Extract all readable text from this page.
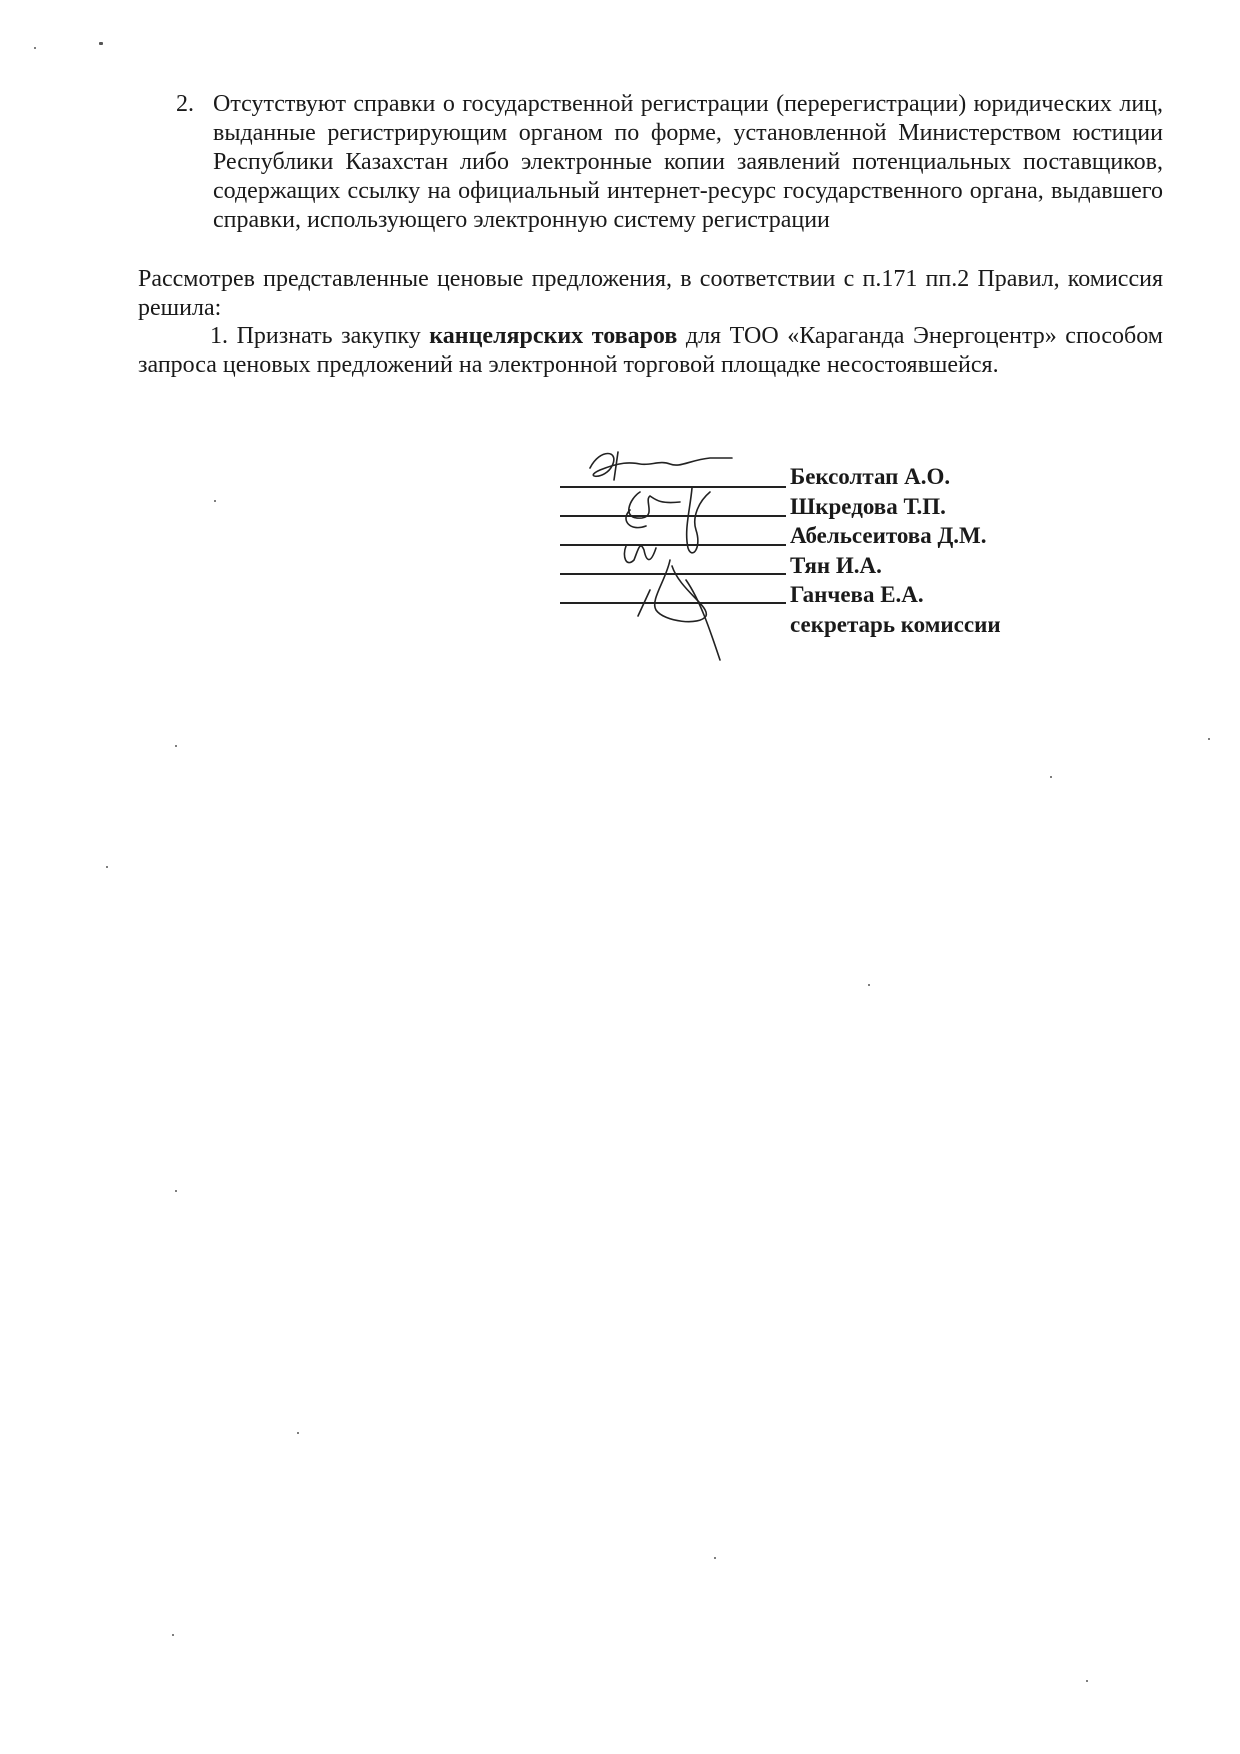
2. Отсутствуют справки о государственной регистрации (перерегистрации) юридических лиц, выданные регистрирующим органом по форме, установленной Министерством юстиции Республики Казахстан либо электронные копии заявлений потенциальных поставщиков, содержащих ссылку на официальный интернет-ресурс государственного органа, выдавшего справки, использующего электронную систему регистрации

Рассмотрев представленные ценовые предложения, в соответствии с п.171 пп.2 Правил, комиссия решила:

1. Признать закупку канцелярских товаров для ТОО «Караганда Энергоцентр» способом запроса ценовых предложений на электронной торговой площадке несостоявшейся.

Бексолтап А.О.
Шкредова Т.П.
Абельсеитова Д.М.
Тян И.А.
Ганчева Е.А.
секретарь комиссии
